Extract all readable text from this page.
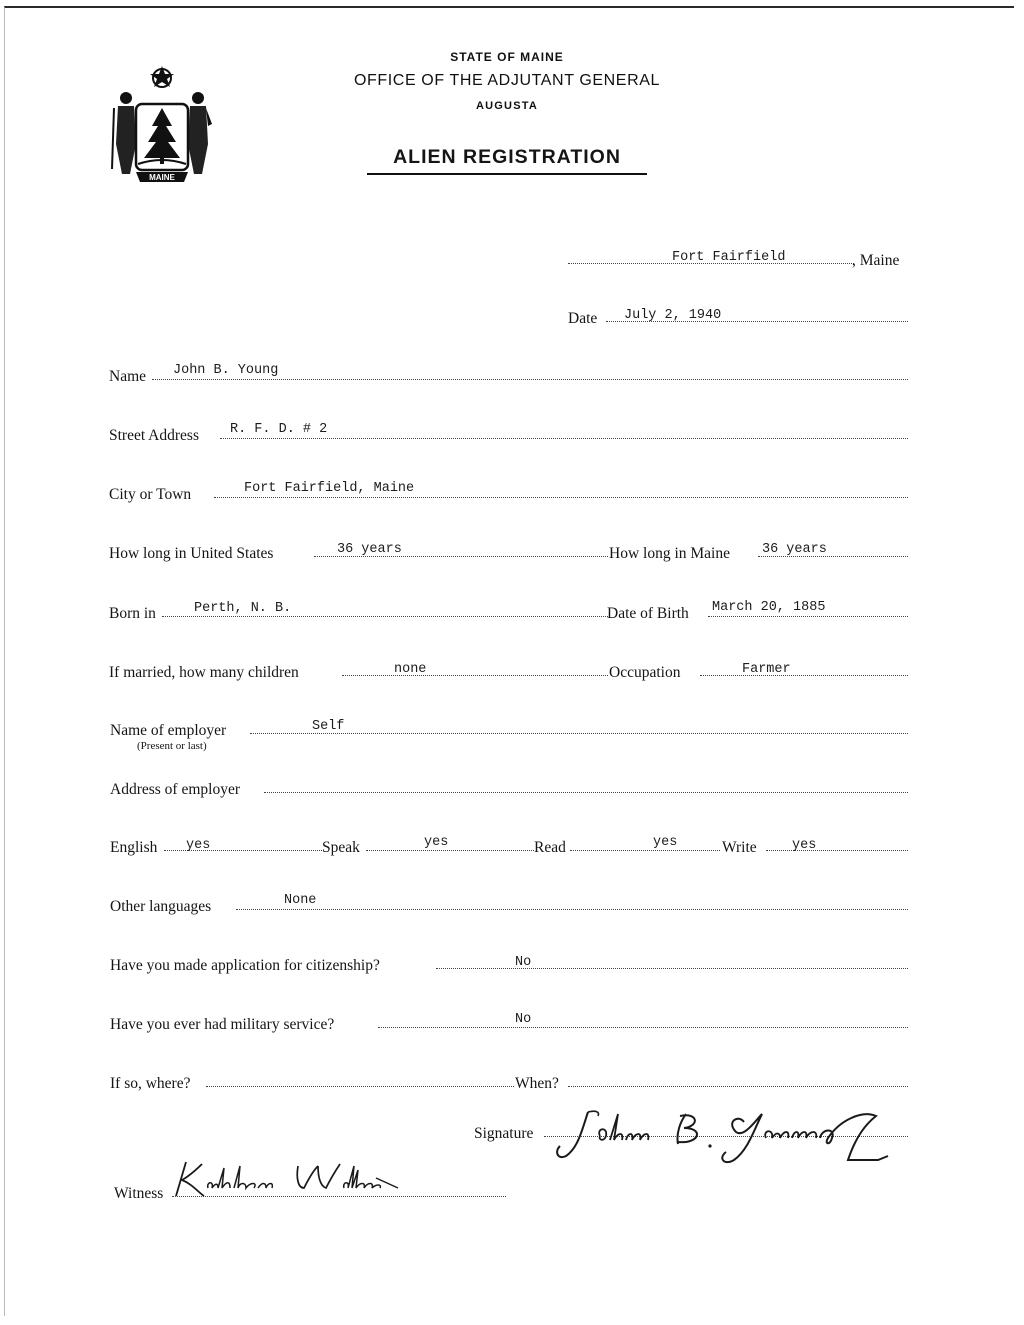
MAINE
STATE OF MAINE
OFFICE OF THE ADJUTANT GENERAL
AUGUSTA
ALIEN REGISTRATION
Fort Fairfield	, Maine
Date July 2, 1940
Name John B. Young
Street Address R. F. D. # 2
City or Town	Fort Fairfield, Maine
How long in United States	36 years	How long in Maine 36 years
Born in	Perth, N. B.	Date of Birth March 20, 1885
If married, how many children	none	Occupation	Farmer
Name of employer
(Present or last)
Self
Address of employer
English yes	Speak	yes	Read	yes	Write	yes
Other languages	None
Have you made application for citizenship?	No
Have you ever had military service?	No
If so, where?	When?
Signature
Witness
